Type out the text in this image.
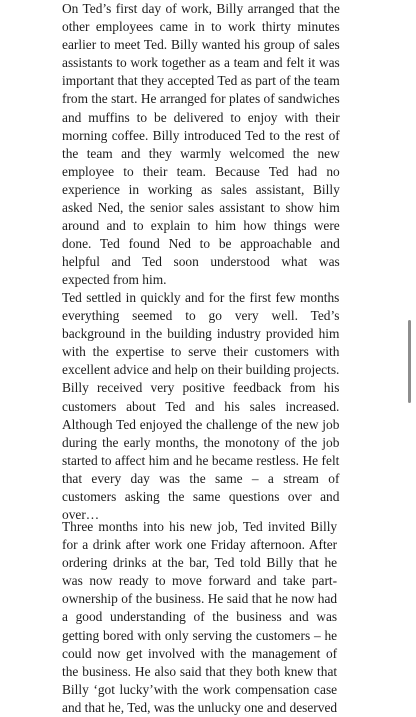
On Ted’s first day of work, Billy arranged that the
other employees came in to work thirty minutes
earlier to meet Ted. Billy wanted his group of sales
assistants to work together as a team and felt it was
important that they accepted Ted as part of the team
from the start. He arranged for plates of sandwiches
and muffins to be delivered to enjoy with their
morning coffee. Billy introduced Ted to the rest of
the team and they warmly welcomed the new
employee to their team. Because Ted had no
experience in working as sales assistant, Billy
asked Ned, the senior sales assistant to show him
around and to explain to him how things were
done. Ted found Ned to be approachable and
helpful and Ted soon understood what was
expected from him.
Ted settled in quickly and for the first few months
everything seemed to go very well. Ted’s
background in the building industry provided him
with the expertise to serve their customers with
excellent advice and help on their building projects.
Billy received very positive feedback from his
customers about Ted and his sales increased.
Although Ted enjoyed the challenge of the new job
during the early months, the monotony of the job
started to affect him and he became restless. He felt
that every day was the same – a stream of
customers asking the same questions over and
over…
Three months into his new job, Ted invited Billy
for a drink after work one Friday afternoon. After
ordering drinks at the bar, Ted told Billy that he
was now ready to move forward and take part-
ownership of the business. He said that he now had
a good understanding of the business and was
getting bored with only serving the customers – he
could now get involved with the management of
the business. He also said that they both knew that
Billy ‘got lucky’with the work compensation case
and that he, Ted, was the unlucky one and deserved
